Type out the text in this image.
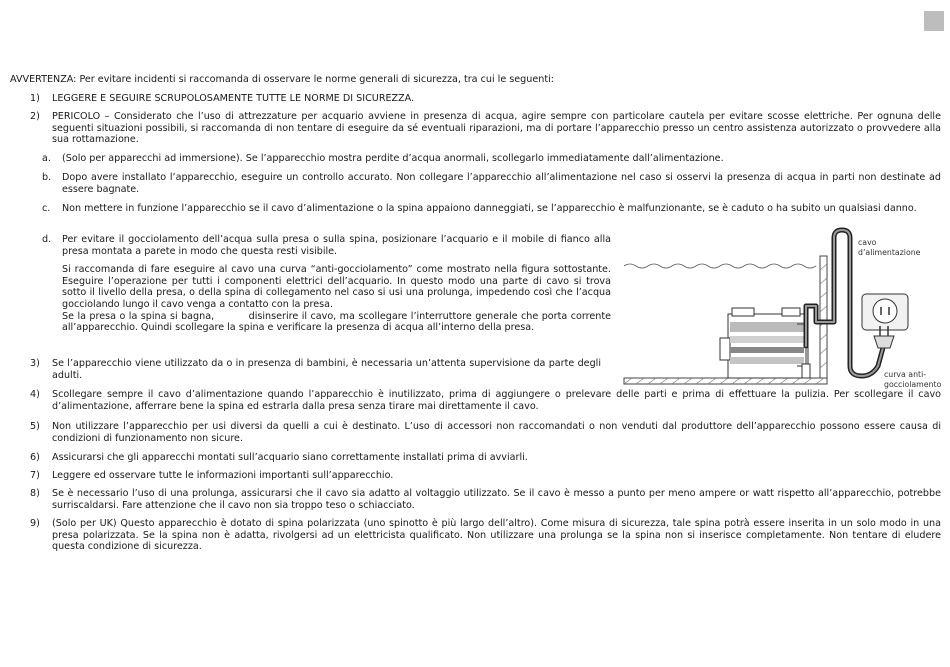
AVVERTENZA: Per evitare incidenti si raccomanda di osservare le norme generali di sicurezza, tra cui le seguenti:
1) LEGGERE E SEGUIRE SCRUPOLOSAMENTE TUTTE LE NORME DI SICUREZZA.
2) PERICOLO – Considerato che l’uso di attrezzature per acquario avviene in presenza di acqua, agire sempre con particolare cautela per evitare scosse elettriche. Per ognuna delle seguenti situazioni possibili, si raccomanda di non tentare di eseguire da sé eventuali riparazioni, ma di portare l’apparecchio presso un centro assistenza autorizzato o provvedere alla sua rottamazione.
a. (Solo per apparecchi ad immersione). Se l’apparecchio mostra perdite d’acqua anormali, scollegarlo immediatamente dall’alimentazione.
b. Dopo avere installato l’apparecchio, eseguire un controllo accurato. Non collegare l’apparecchio all’alimentazione nel caso si osservi la presenza di acqua in parti non destinate ad essere bagnate.
c. Non mettere in funzione l’apparecchio se il cavo d’alimentazione o la spina appaiono danneggiati, se l’apparecchio è malfunzionante, se è caduto o ha subito un qualsiasi danno.
d. Per evitare il gocciolamento dell’acqua sulla presa o sulla spina, posizionare l’acquario e il mobile di fianco alla presa montata a parete in modo che questa resti visibile.
Si raccomanda di fare eseguire al cavo una curva “anti-gocciolamento” come mostrato nella figura sottostante. Eseguire l’operazione per tutti i componenti elettrici dell’acquario. In questo modo una parte di cavo si trova sotto il livello della presa, o della spina di collegamento nel caso si usi una prolunga, impedendo così che l’acqua gocciolando lungo il cavo venga a contatto con la presa.
Se la presa o la spina si bagna,          disinserire il cavo, ma scollegare l’interruttore generale che porta corrente all’apparecchio. Quindi scollegare la spina e verificare la presenza di acqua all’interno della presa.
3) Se l’apparecchio viene utilizzato da o in presenza di bambini, è necessaria un’attenta supervisione da parte degli adulti.
4) Scollegare sempre il cavo d’alimentazione quando l’apparecchio è inutilizzato, prima di aggiungere o prelevare delle parti e prima di effettuare la pulizia. Per scollegare il cavo d’alimentazione, afferrare bene la spina ed estrarla dalla presa senza tirare mai direttamente il cavo.
5) Non utilizzare l’apparecchio per usi diversi da quelli a cui è destinato. L’uso di accessori non raccomandati o non venduti dal produttore dell’apparecchio possono essere causa di condizioni di funzionamento non sicure.
6) Assicurarsi che gli apparecchi montati sull’acquario siano correttamente installati prima di avviarli.
7) Leggere ed osservare tutte le informazioni importanti sull’apparecchio.
8) Se è necessario l’uso di una prolunga, assicurarsi che il cavo sia adatto al voltaggio utilizzato. Se il cavo è messo a punto per meno ampere or watt rispetto all’apparecchio, potrebbe surriscaldarsi. Fare attenzione che il cavo non sia troppo teso o schiacciato.
9) (Solo per UK) Questo apparecchio è dotato di spina polarizzata (uno spinotto è più largo dell’altro). Come misura di sicurezza, tale spina potrà essere inserita in un solo modo in una presa polarizzata. Se la spina non è adatta, rivolgersi ad un elettricista qualificato. Non utilizzare una prolunga se la spina non si inserisce completamente. Non tentare di eludere questa condizione di sicurezza.
cavo
d’alimentazione
curva anti-
gocciolamento
